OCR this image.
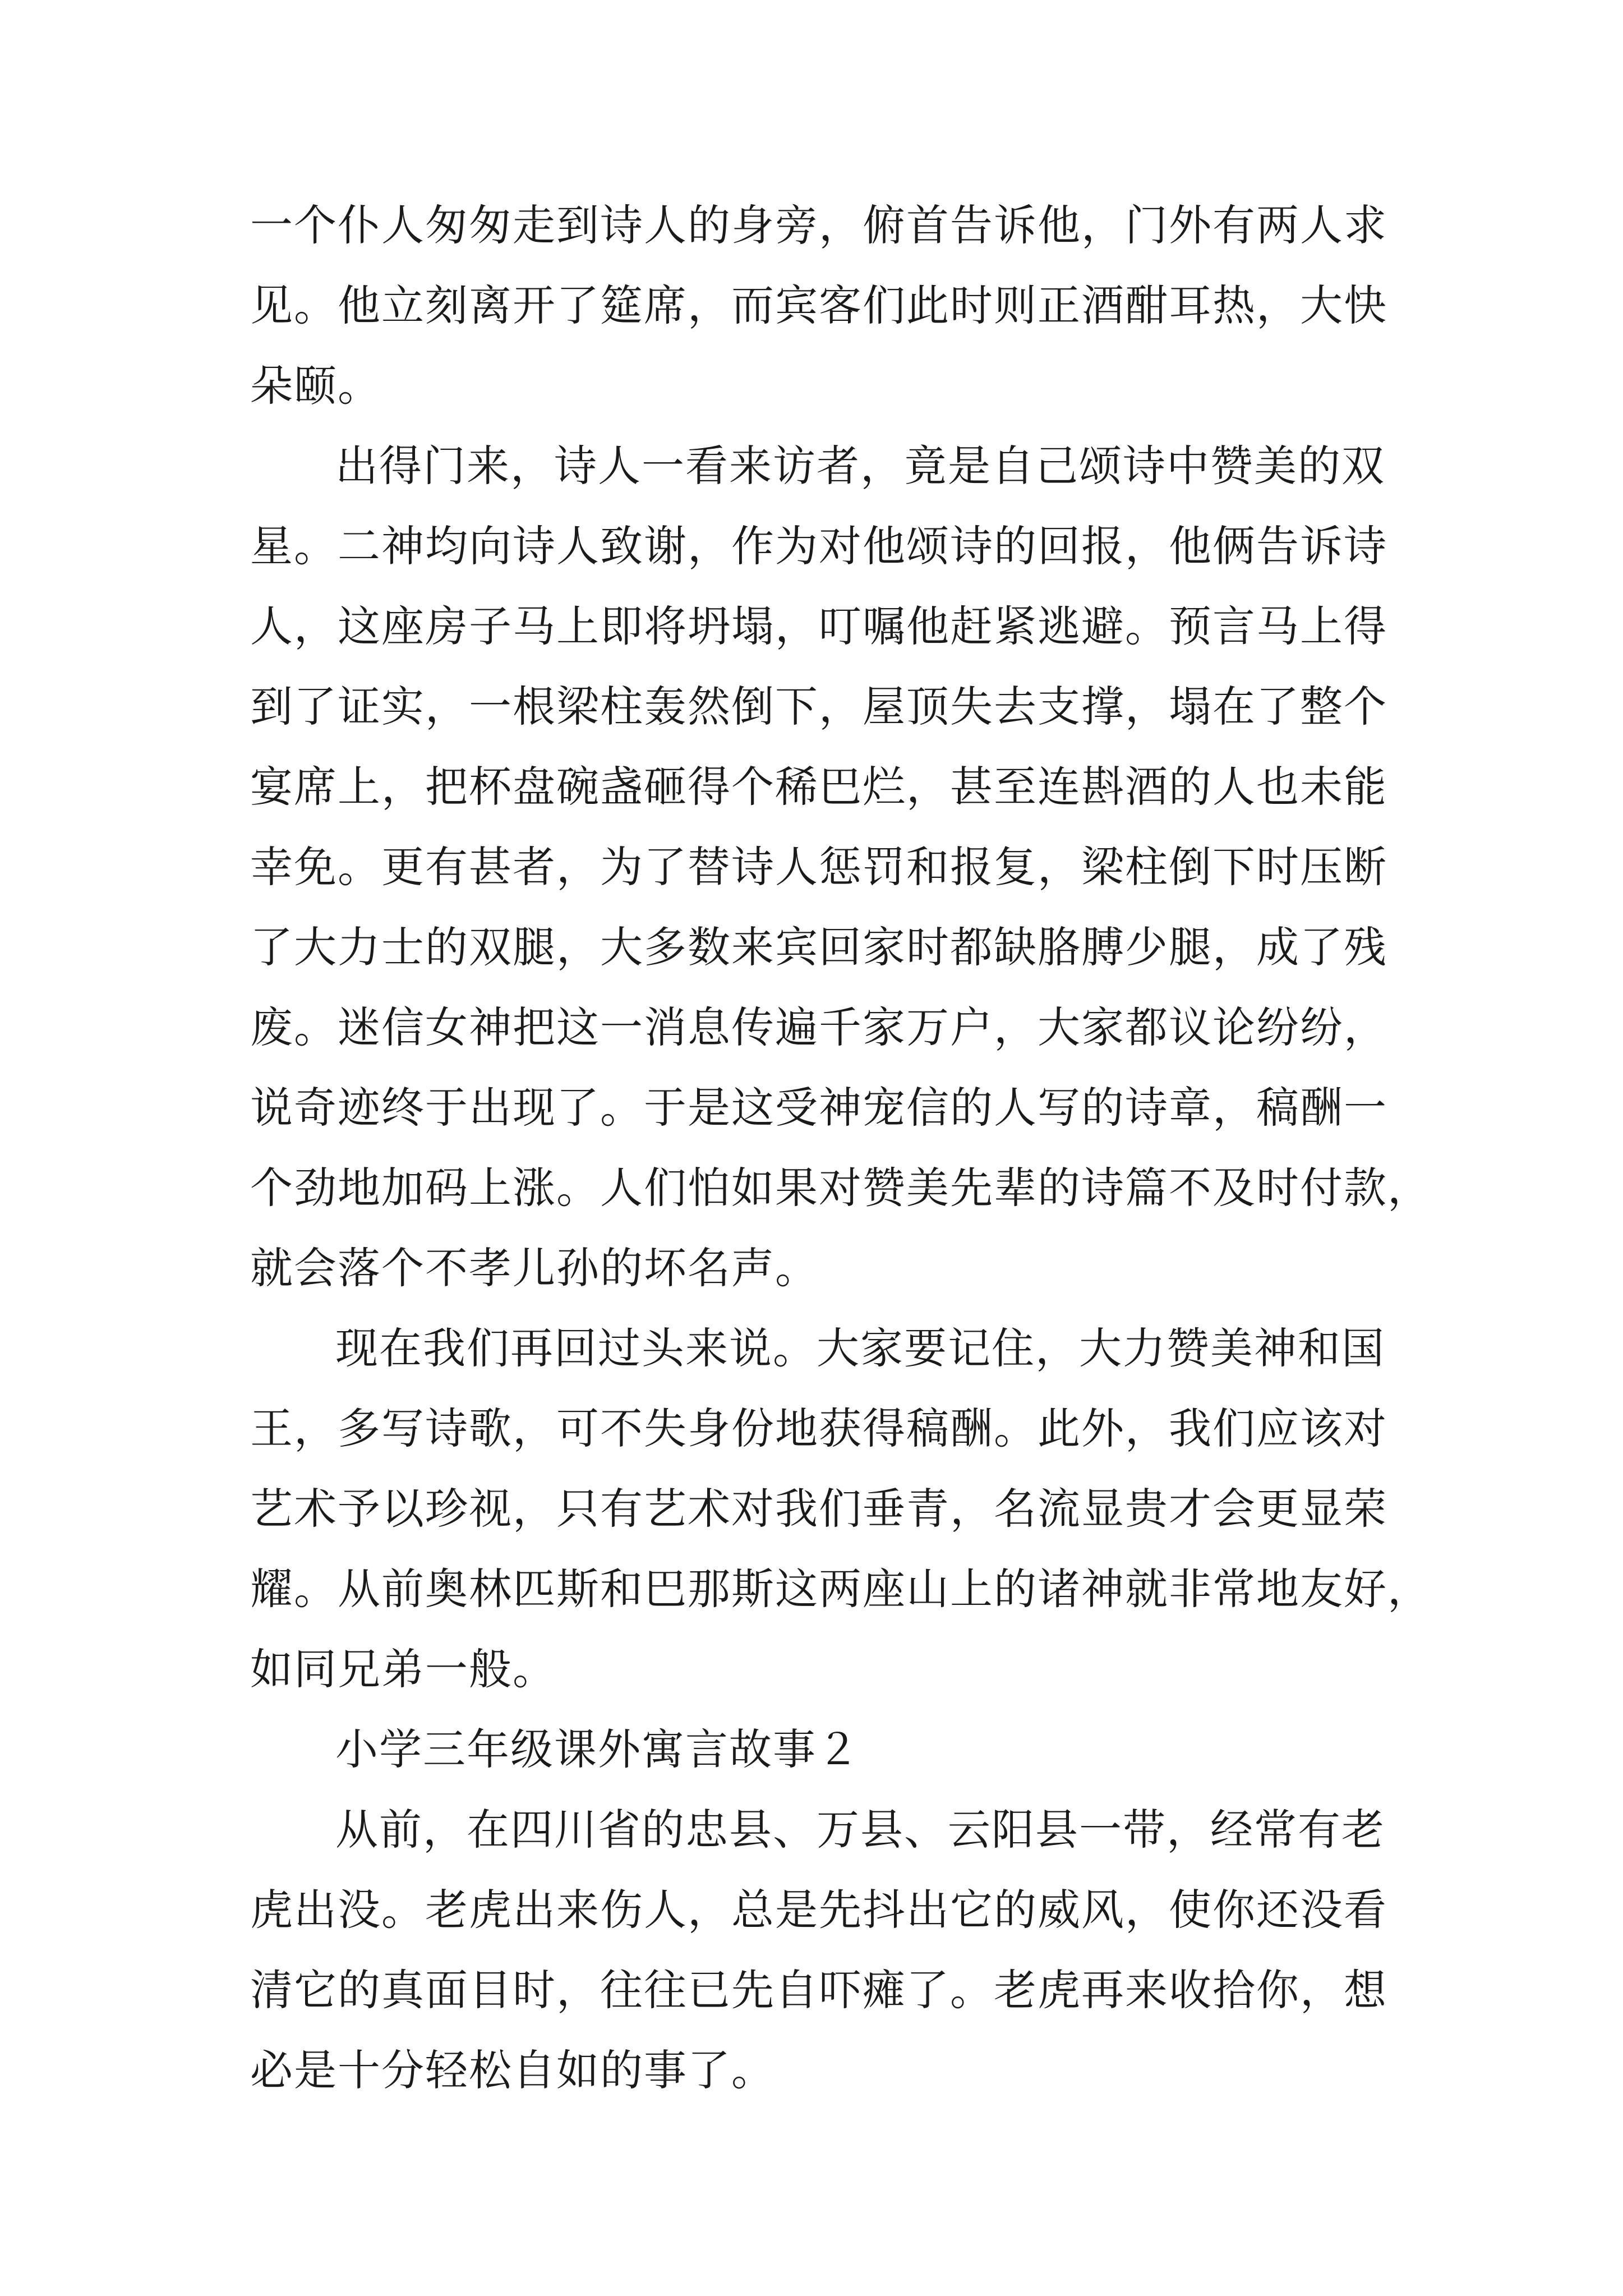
一个仆人匆匆走到诗人的身旁，俯首告诉他，门外有两人求
见。他立刻离开了筵席，而宾客们此时则正酒酣耳热，大快
朵颐。
出得门来，诗人一看来访者，竟是自己颂诗中赞美的双
星。二神均向诗人致谢，作为对他颂诗的回报，他俩告诉诗
人，这座房子马上即将坍塌，叮嘱他赶紧逃避。预言马上得
到了证实，一根梁柱轰然倒下，屋顶失去支撑，塌在了整个
宴席上，把杯盘碗盏砸得个稀巴烂，甚至连斟酒的人也未能
幸免。更有甚者，为了替诗人惩罚和报复，梁柱倒下时压断
了大力士的双腿，大多数来宾回家时都缺胳膊少腿，成了残
废。迷信女神把这一消息传遍千家万户，大家都议论纷纷，
说奇迹终于出现了。于是这受神宠信的人写的诗章，稿酬一
个劲地加码上涨。人们怕如果对赞美先辈的诗篇不及时付款，
就会落个不孝儿孙的坏名声。
现在我们再回过头来说。大家要记住，大力赞美神和国
王，多写诗歌，可不失身份地获得稿酬。此外，我们应该对
艺术予以珍视，只有艺术对我们垂青，名流显贵才会更显荣
耀。从前奥林匹斯和巴那斯这两座山上的诸神就非常地友好，
如同兄弟一般。
小学三年级课外寓言故事２
从前，在四川省的忠县、万县、云阳县一带，经常有老
虎出没。老虎出来伤人，总是先抖出它的威风，使你还没看
清它的真面目时，往往已先自吓瘫了。老虎再来收拾你，想
必是十分轻松自如的事了。
